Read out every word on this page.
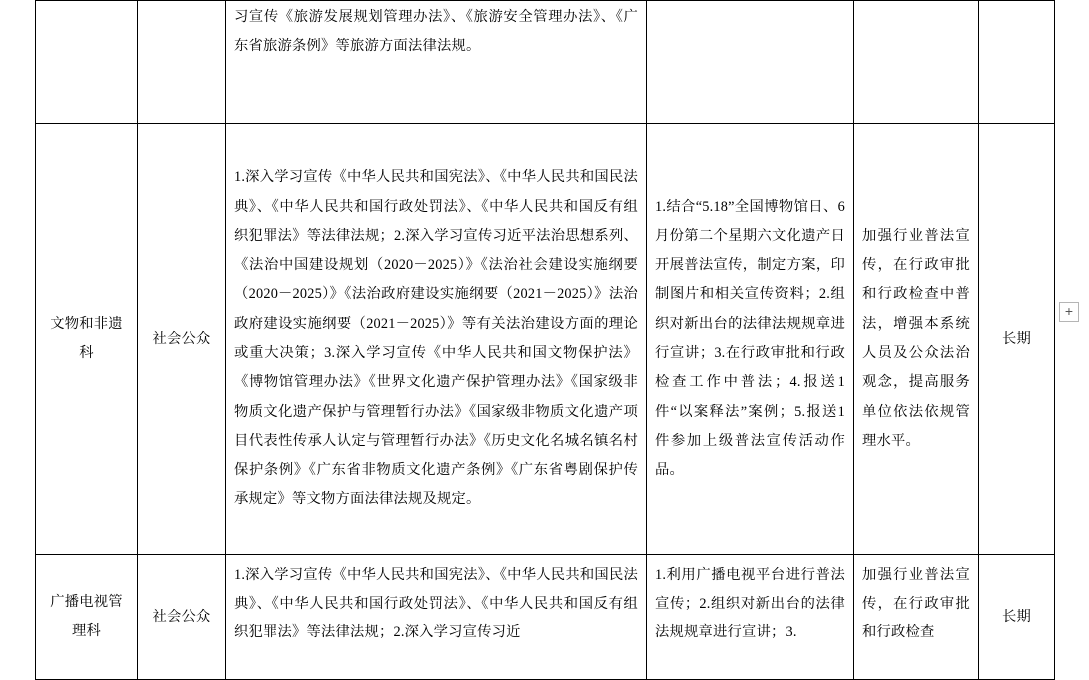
		习宣传《旅游发展规划管理办法》、《旅游安全管理办法》、《广东省旅游条例》等旅游方面法律法规。			
文物和非遗科	社会公众	1.深入学习宣传《中华人民共和国宪法》、《中华人民共和国民法典》、《中华人民共和国行政处罚法》、《中华人民共和国反有组织犯罪法》等法律法规；2.深入学习宣传习近平法治思想系列、《法治中国建设规划（2020－2025）》《法治社会建设实施纲要（2020－2025）》《法治政府建设实施纲要（2021－2025）》法治政府建设实施纲要（2021－2025）》等有关法治建设方面的理论或重大决策；3.深入学习宣传《中华人民共和国文物保护法》《博物馆管理办法》《世界文化遗产保护管理办法》《国家级非物质文化遗产保护与管理暂行办法》《国家级非物质文化遗产项目代表性传承人认定与管理暂行办法》《历史文化名城名镇名村保护条例》《广东省非物质文化遗产条例》《广东省粤剧保护传承规定》等文物方面法律法规及规定。	1.结合“5.18”全国博物馆日、6月份第二个星期六文化遗产日开展普法宣传，制定方案，印制图片和相关宣传资料；2.组织对新出台的法律法规规章进行宣讲；3.在行政审批和行政检查工作中普法；4.报送1件“以案释法”案例；5.报送1件参加上级普法宣传活动作品。	加强行业普法宣传，在行政审批和行政检查中普法，增强本系统人员及公众法治观念，提高服务单位依法依规管理水平。	长期
广播电视管理科	社会公众	1.深入学习宣传《中华人民共和国宪法》、《中华人民共和国民法典》、《中华人民共和国行政处罚法》、《中华人民共和国反有组织犯罪法》等法律法规；2.深入学习宣传习近	1.利用广播电视平台进行普法宣传；2.组织对新出台的法律法规规章进行宣讲；3.	加强行业普法宣传，在行政审批和行政检查	长期
+
